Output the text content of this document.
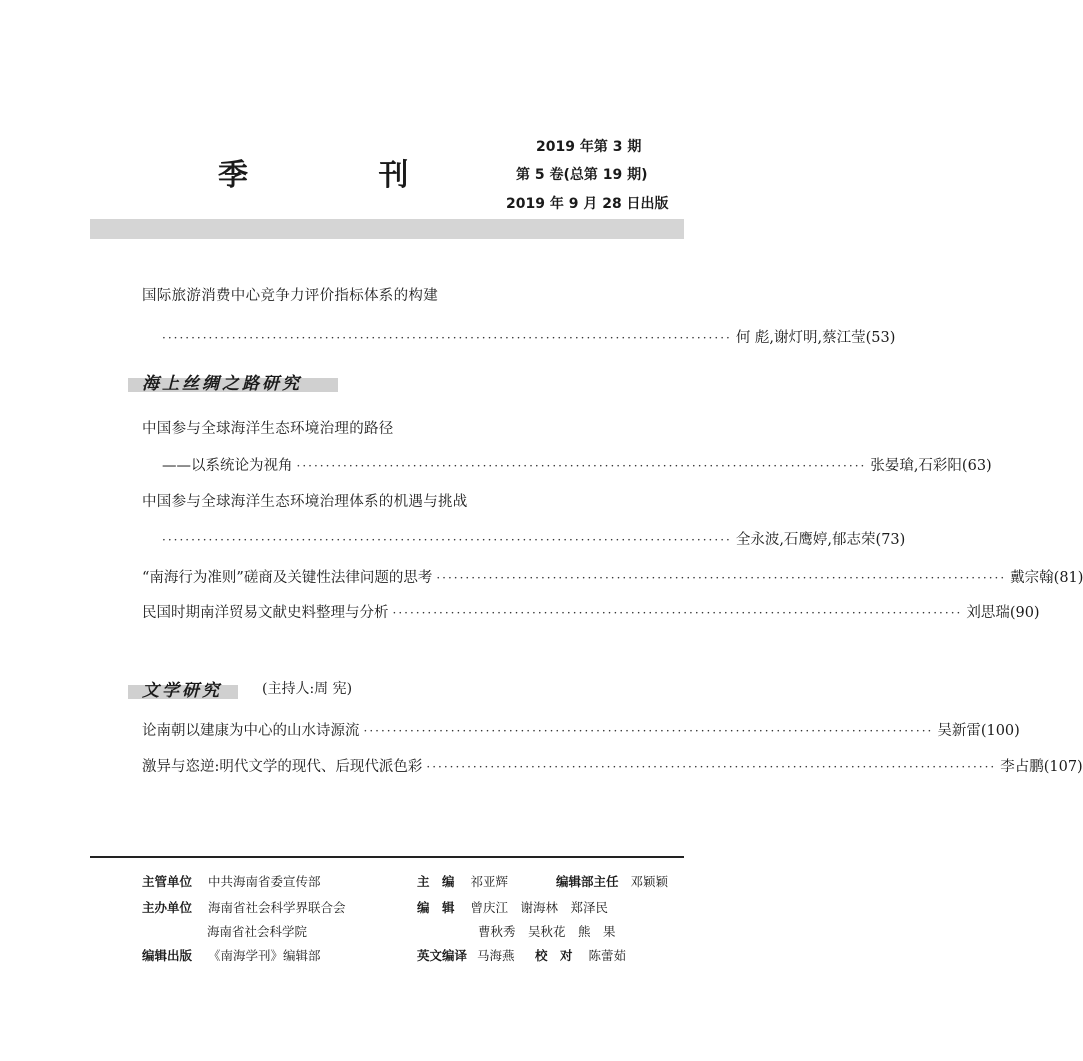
季 刊
2019 年第 3 期
第 5 卷(总第 19 期)
2019 年 9 月 28 日出版
国际旅游消费中心竞争力评价指标体系的构建
·································································································· 何 彪,谢灯明,蔡江莹(53)
海上丝绸之路研究
中国参与全球海洋生态环境治理的路径
——以系统论为视角 ·································································································· 张晏瑲,石彩阳(63)
中国参与全球海洋生态环境治理体系的机遇与挑战
·································································································· 全永波,石鹰婷,郁志荣(73)
“南海行为准则”磋商及关键性法律问题的思考 ·································································································· 戴宗翰(81)
民国时期南洋贸易文献史料整理与分析 ·································································································· 刘思瑞(90)
文学研究	(主持人:周 宪)
论南朝以建康为中心的山水诗源流 ·································································································· 吴新雷(100)
激异与恣逆:明代文学的现代、后现代派色彩 ·································································································· 李占鹏(107)
主管单位 中共海南省委宣传部
主办单位 海南省社会科学界联合会
海南省社会科学院
编辑出版 《南海学刊》编辑部
主　编 祁亚辉	编辑部主任 邓颖颖
编　辑 曾庆江　谢海林　郑泽民
曹秋秀　吴秋花　熊　果
英文编译 马海燕 校　对 陈蕾茹
